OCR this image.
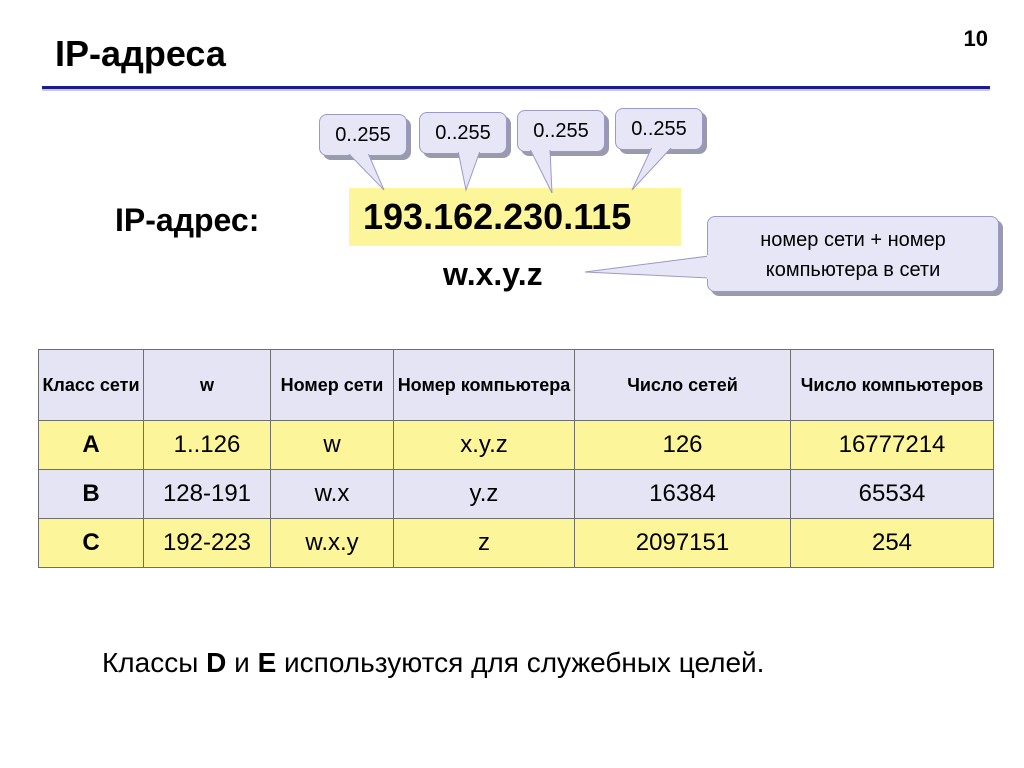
IP-адреса	10
0..255	0..255	0..255	0..255
IP-адрес:	193.162.230.115
w.x.y.z
номер сети + номер компьютера в сети
Класс сети	w	Номер сети	Номер компьютера	Число сетей	Число компьютеров
A	1..126	w	x.y.z	126	16777214
B	128-191	w.x	y.z	16384	65534
C	192-223	w.x.y	z	2097151	254
Классы D и E используются для служебных целей.
